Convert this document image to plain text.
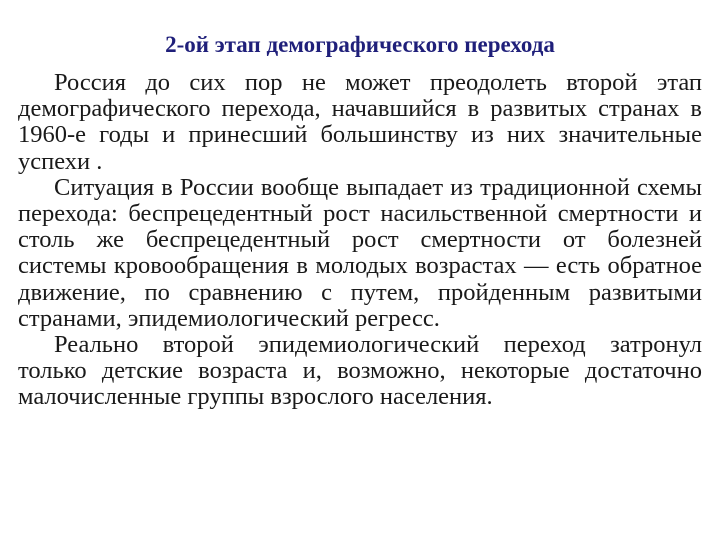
2-ой этап демографического перехода

Россия до сих пор не может преодолеть второй этап демографического перехода, начавшийся в развитых странах в 1960-е годы и принесший большинству из них значительные успехи .

Ситуация в России вообще выпадает из традиционной схемы перехода: беспрецедентный рост насильственной смертности и столь же беспрецедентный рост смертности от болезней системы кровообращения в молодых возрастах — есть обратное движение, по сравнению с путем, пройденным развитыми странами, эпидемиологический регресс.

Реально второй эпидемиологический переход затронул только детские возраста и, возможно, некоторые достаточно малочисленные группы взрослого населения.
